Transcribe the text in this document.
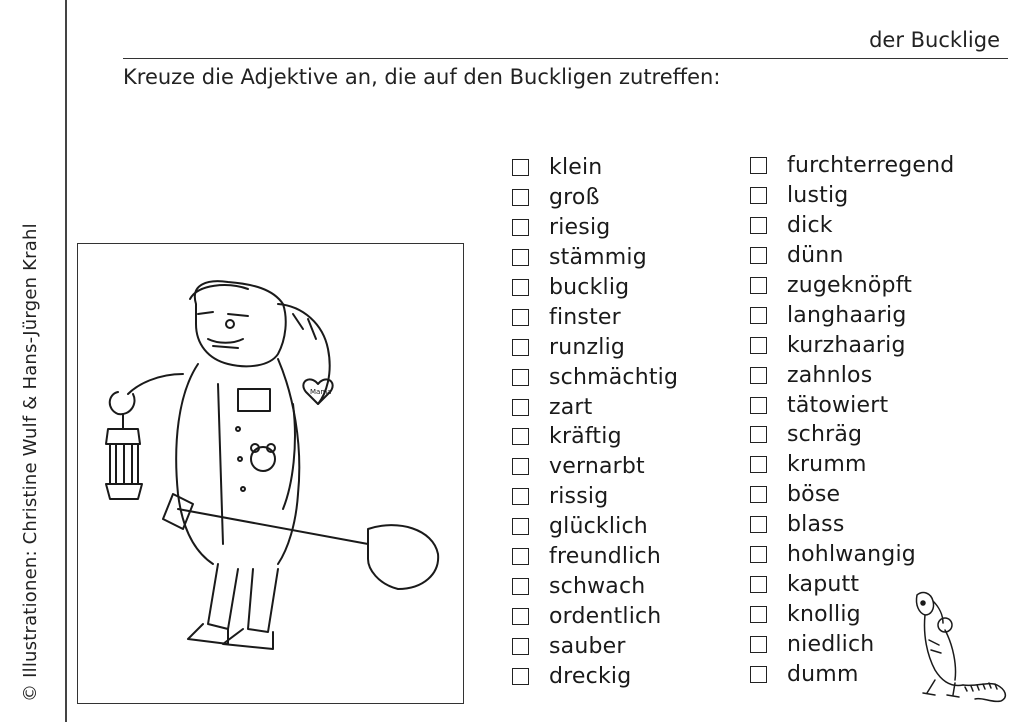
© Illustrationen: Christine Wulf & Hans-Jürgen Krahl
der Bucklige
Kreuze die Adjektive an, die auf den Buckligen zutreffen:
Mama
klein
groß
riesig
stämmig
bucklig
finster
runzlig
schmächtig
zart
kräftig
vernarbt
rissig
glücklich
freundlich
schwach
ordentlich
sauber
dreckig
furchterregend
lustig
dick
dünn
zugeknöpft
langhaarig
kurzhaarig
zahnlos
tätowiert
schräg
krumm
böse
blass
hohlwangig
kaputt
knollig
niedlich
dumm
